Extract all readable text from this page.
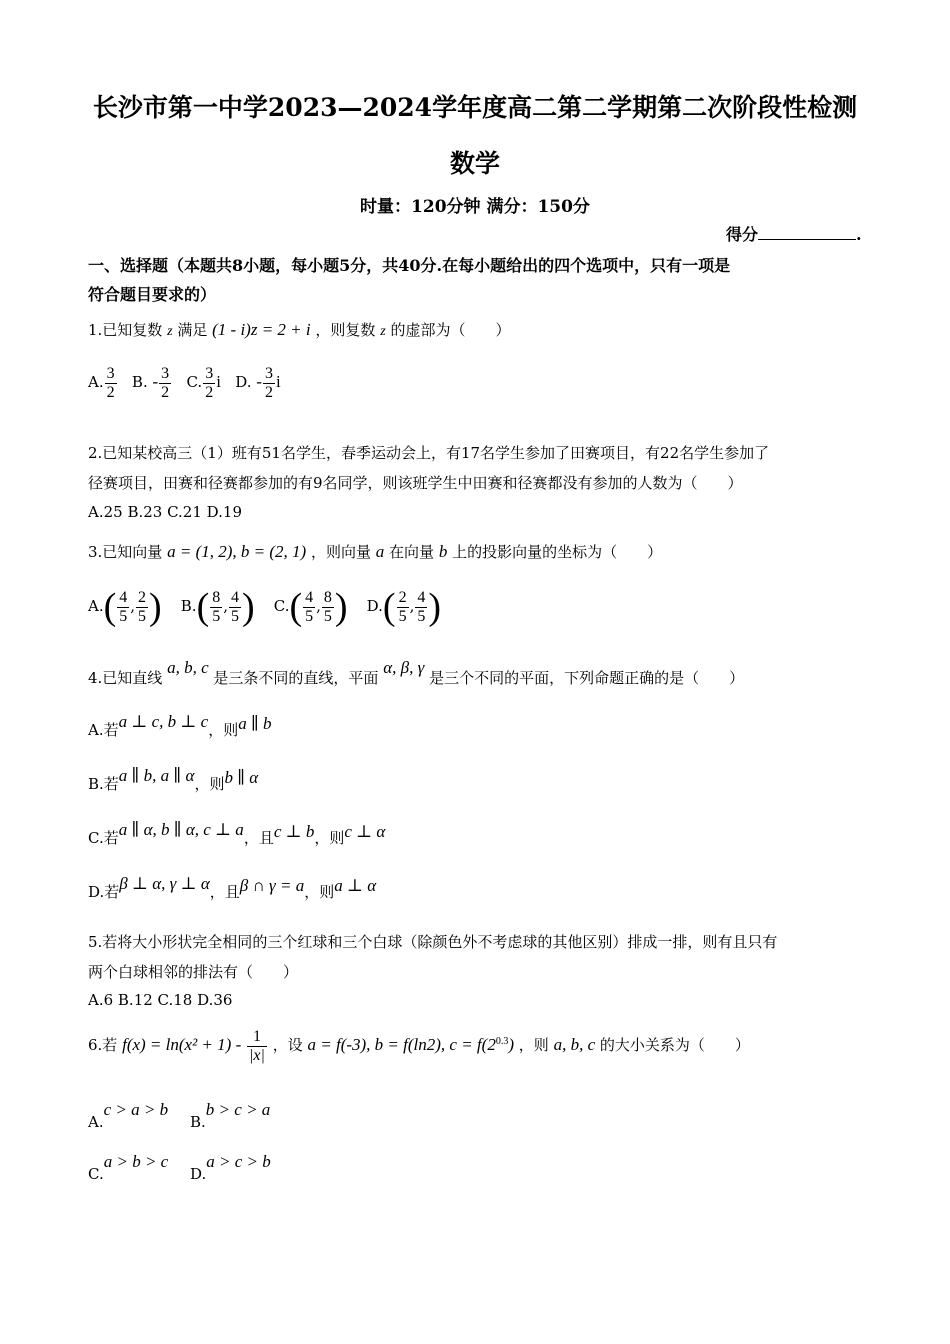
长沙市第一中学2023—2024学年度高二第二学期第二次阶段性检测
数学
时量：120分钟 满分：150分
得分	.
一、选择题（本题共8小题，每小题5分，共40分.在每小题给出的四个选项中，只有一项是
符合题目要求的）
1.已知复数 z 满足 (1 - i)z = 2 + i ，则复数 z 的虚部为（　　）
A. $\frac{3}{2} B$. - $\frac{3}{2} C$. $\frac{3}{2}$ i D. - $\frac{3}{2}$ i
2.已知某校高三（1）班有51名学生，春季运动会上，有17名学生参加了田赛项目，有22名学生参加了
径赛项目，田赛和径赛都参加的有9名同学，则该班学生中田赛和径赛都没有参加的人数为（　　）
A.25 B.23 C.21 D.19
3.已知向量 a = (1, 2), b = (2, 1) ，则向量 a 在向量 b 上的投影向量的坐标为（　　）
$A.( \frac{4}{5}$ , $\frac{2}{5}$ ) $B.( \frac{8}{5}$ , $\frac{4}{5}$ ) $C.( \frac{4}{5}$ , $\frac{8}{5}$ ) $D.( \frac{2}{5}$ , $\frac{4}{5}$ )
4.已知直线 a, b, c 是三条不同的直线，平面 α, β, γ 是三个不同的平面，下列命题正确的是（　　）
A.若a ⊥ c, b ⊥ c，则a ∥ b
B.若a ∥ b, a ∥ α，则b ∥ α
C.若a ∥ α, b ∥ α, c ⊥ a，且c ⊥ b，则c ⊥ α
D.若β ⊥ α, γ ⊥ α，且β ∩ γ = a，则a ⊥ α
5.若将大小形状完全相同的三个红球和三个白球（除颜色外不考虑球的其他区别）排成一排，则有且只有
两个白球相邻的排法有（　　）
A.6 B.12 C.18 D.36
6.若 $f(x) = \ln(x^2 + 1) - \frac{1}{|x|}$ ，设 a = f(-3), b = f(ln2), $c = f(2^{0.3})$ ，则 a, b, c 的大小关系为（　　）
A.c > a > b
B.b > c > a
C.a > b > c
D.a > c > b
